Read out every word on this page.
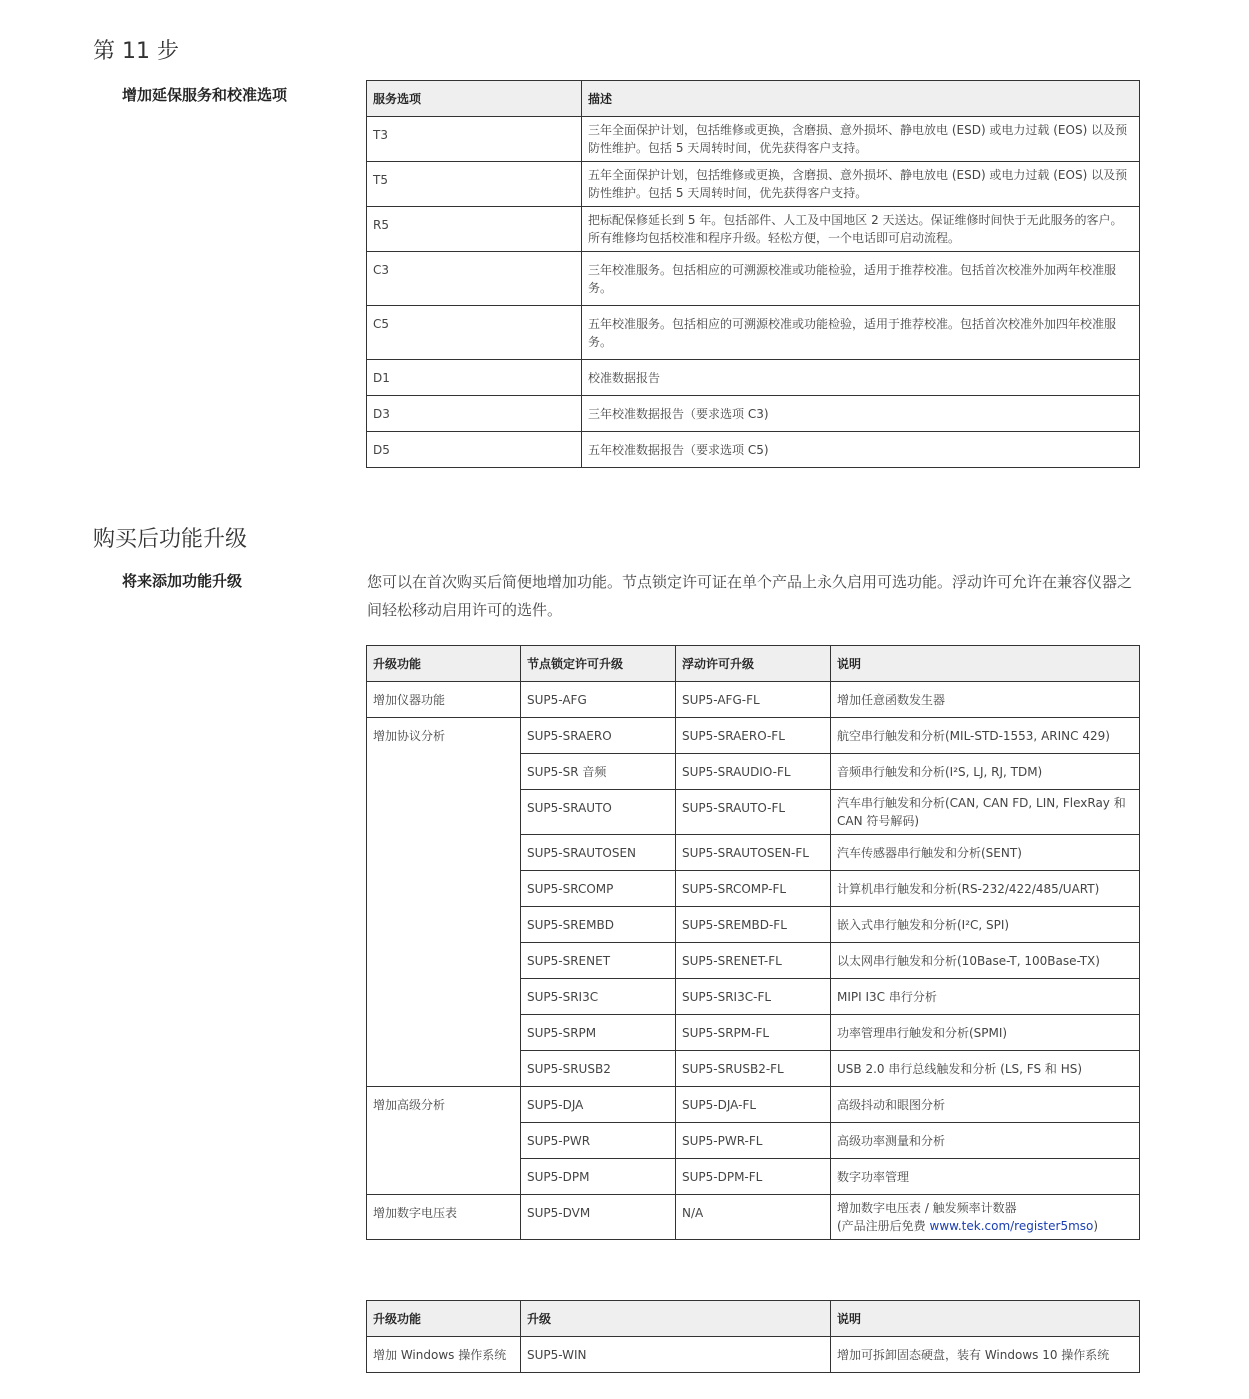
第 11 步
增加延保服务和校准选项	服务选项	描述
T3	三年全面保护计划，包括维修或更换，含磨损、意外损坏、静电放电 (ESD) 或电力过载 (EOS) 以及预防性维护。包括 5 天周转时间，优先获得客户支持。
T5	五年全面保护计划，包括维修或更换，含磨损、意外损坏、静电放电 (ESD) 或电力过载 (EOS) 以及预防性维护。包括 5 天周转时间，优先获得客户支持。
R5	把标配保修延长到 5 年。包括部件、人工及中国地区 2 天送达。保证维修时间快于无此服务的客户。所有维修均包括校准和程序升级。轻松方便，一个电话即可启动流程。
C3	三年校准服务。包括相应的可溯源校准或功能检验，适用于推荐校准。包括首次校准外加两年校准服务。
C5	五年校准服务。包括相应的可溯源校准或功能检验，适用于推荐校准。包括首次校准外加四年校准服务。
D1	校准数据报告
D3	三年校准数据报告（要求选项 C3)
D5	五年校准数据报告（要求选项 C5)
购买后功能升级
将来添加功能升级	您可以在首次购买后简便地增加功能。节点锁定许可证在单个产品上永久启用可选功能。浮动许可允许在兼容仪器之间轻松移动启用许可的选件。

升级功能	节点锁定许可升级	浮动许可升级	说明
增加仪器功能	SUP5-AFG	SUP5-AFG-FL	增加任意函数发生器
增加协议分析	SUP5-SRAERO	SUP5-SRAERO-FL	航空串行触发和分析(MIL-STD-1553, ARINC 429)
	SUP5-SR 音频	SUP5-SRAUDIO-FL	音频串行触发和分析(I²S, LJ, RJ, TDM)
	SUP5-SRAUTO	SUP5-SRAUTO-FL	汽车串行触发和分析(CAN, CAN FD, LIN, FlexRay 和 CAN 符号解码)
	SUP5-SRAUTOSEN	SUP5-SRAUTOSEN-FL	汽车传感器串行触发和分析(SENT)
	SUP5-SRCOMP	SUP5-SRCOMP-FL	计算机串行触发和分析(RS-232/422/485/UART)
	SUP5-SREMBD	SUP5-SREMBD-FL	嵌入式串行触发和分析(I²C, SPI)
	SUP5-SRENET	SUP5-SRENET-FL	以太网串行触发和分析(10Base-T, 100Base-TX)
	SUP5-SRI3C	SUP5-SRI3C-FL	MIPI I3C 串行分析
	SUP5-SRPM	SUP5-SRPM-FL	功率管理串行触发和分析(SPMI)
	SUP5-SRUSB2	SUP5-SRUSB2-FL	USB 2.0 串行总线触发和分析 (LS, FS 和 HS)
增加高级分析	SUP5-DJA	SUP5-DJA-FL	高级抖动和眼图分析
	SUP5-PWR	SUP5-PWR-FL	高级功率测量和分析
	SUP5-DPM	SUP5-DPM-FL	数字功率管理
增加数字电压表	SUP5-DVM	N/A	增加数字电压表 / 触发频率计数器
(产品注册后免费 www.tek.com/register5mso)
升级功能	升级	说明
增加 Windows 操作系统	SUP5-WIN	增加可拆卸固态硬盘，装有 Windows 10 操作系统
